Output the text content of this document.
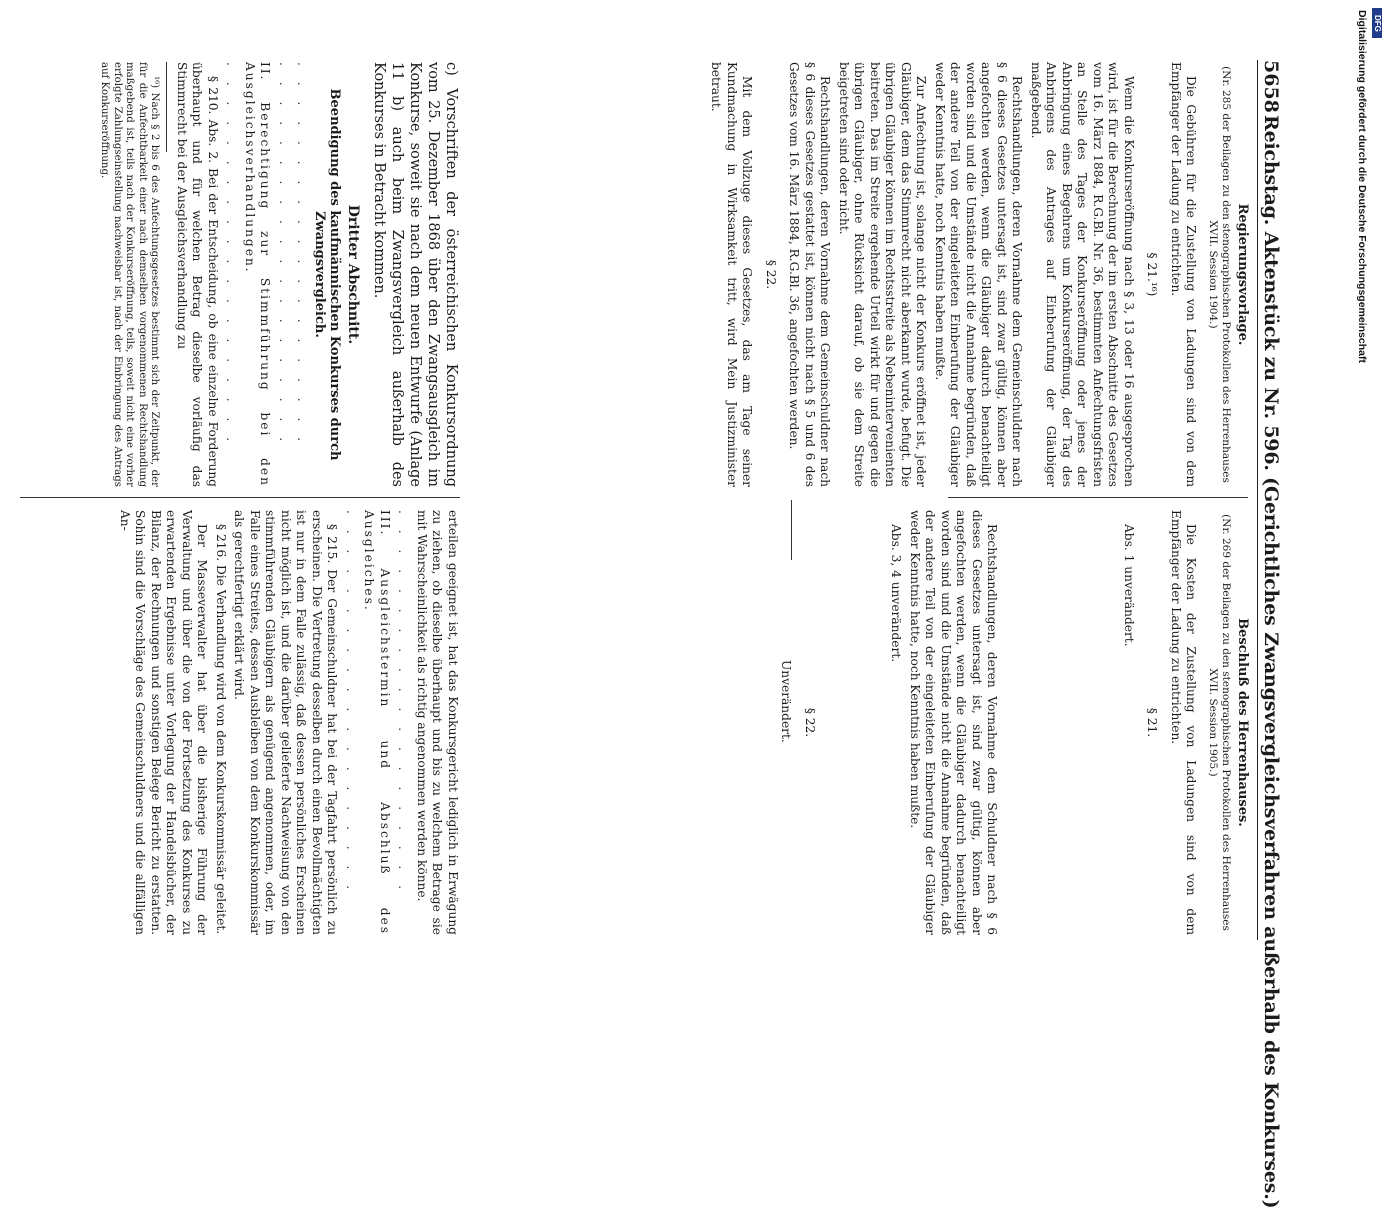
5658
Reichstag. Aktenstück zu Nr. 596. (Gerichtliches Zwangsvergleichsverfahren außerhalb des Konkurses.)
Regierungsvorlage.
(Nr. 285 der Beilagen zu den stenographischen Protokollen des Herrenhauses XVII. Session 1904.)

Die Gebühren für die Zustellung von Ladungen sind von dem Empfänger der Ladung zu entrichten.

§ 21.¹⁶)

Wenn die Konkurseröffnung nach § 3, 13 oder 16 ausgesprochen wird, ist für die Berechnung der im ersten Abschnitte des Gesetzes vom 16. März 1884, R.G.Bl. Nr. 36, bestimmten Anfechtungsfristen an Stelle des Tages der Konkurseröffnung oder jenes der Anbringung eines Begehrens um Konkurseröffnung, der Tag des Anbringens des Antrages auf Einberufung der Gläubiger maßgebend.

Rechtshandlungen, deren Vornahme dem Gemeinschuldner nach § 6 dieses Gesetzes untersagt ist, sind zwar gültig, können aber angefochten werden, wenn die Gläubiger dadurch benachteiligt worden sind und die Umstände nicht die Annahme begründen, daß der andere Teil von der eingeleiteten Einberufung der Gläubiger weder Kenntnis hatte, noch Kenntnis haben mußte.

Zur Anfechtung ist, solange nicht der Konkurs eröffnet ist, jeder Gläubiger, dem das Stimmrecht nicht aberkannt wurde, befugt. Die übrigen Gläubiger können im Rechtsstreite als Nebenintervenienten beitreten. Das im Streite ergehende Urteil wirkt für und gegen die übrigen Gläubiger, ohne Rücksicht darauf, ob sie dem Streite beigetreten sind oder nicht.

Rechtshandlungen, deren Vornahme dem Gemeinschuldner nach § 6 dieses Gesetzes gestattet ist, können nicht nach § 5 und 6 des Gesetzes vom 16. März 1884, R.G.Bl. 36, angefochten werden.

§ 22.

Mit dem Vollzuge dieses Gesetzes, das am Tage seiner Kundmachung in Wirksamkeit tritt, wird Mein Justizminister betraut.

Beschluß des Herrenhauses.
(Nr. 269 der Beilagen zu den stenographischen Protokollen des Herrenhauses XVII. Session 1905.)

Die Kosten der Zustellung von Ladungen sind von dem Empfänger der Ladung zu entrichten.

§ 21.

Abs. 1 unverändert.

Rechtshandlungen, deren Vornahme dem Schuldner nach § 6 dieses Gesetzes untersagt ist, sind zwar gültig, können aber angefochten werden, wenn die Gläubiger dadurch benachteiligt worden sind und die Umstände nicht die Annahme begründen, daß der andere Teil von der eingeleiteten Einberufung der Gläubiger weder Kenntnis hatte, noch Kenntnis haben mußte.

Abs. 3, 4 unverändert.

§ 22.

Unverändert.

c) Vorschriften der österreichischen Konkursordnung vom 25. Dezember 1868 über den Zwangsausgleich im Konkurse, soweit sie nach dem neuen Entwurfe (Anlage 11 b) auch beim Zwangsvergleich außerhalb des Konkurses in Betracht kommen.

Dritter Abschnitt.
Beendigung des kaufmännischen Konkurses durch Zwangsvergleich.

. . . . . . . . . . . . . . . . . . . .

. . . . . . . . . . . . . . . . . . . .

II. Berechtigung zur Stimmführung bei den Ausgleichsverhandlungen.

. . . . . . . . . . . . . . . . . . . .

§ 210. Abs. 2. Bei der Entscheidung, ob eine einzelne Forderung überhaupt und für welchen Betrag dieselbe vorläufig das Stimmrecht bei der Ausgleichsverhandlung zu

¹⁶) Nach § 2 bis 6 des Anfechtungsgesetzes bestimmt sich der Zeitpunkt, der für die Anfechtbarkeit einer nach demselben vorgenommenen Rechtshandlung maßgebend ist, teils nach der Konkurseröffnung, teils, soweit nicht eine vorher erfolgte Zahlungseinstellung nachweisbar ist, nach der Einbringung des Antrags auf Konkurseröffnung.

erteilen geeignet ist, hat das Konkursgericht lediglich in Erwägung zu ziehen, ob dieselbe überhaupt und bis zu welchem Betrage sie mit Wahrscheinlichkeit als richtig angenommen werden könne.

. . . . . . . . . . . . . . . . . . . .

III. Ausgleichstermin und Abschluß des Ausgleiches.

. . . . . . . . . . . . . . . . . . . .

§ 215. Der Gemeinschuldner hat bei der Tagfahrt persönlich zu erscheinen. Die Vertretung desselben durch einen Bevollmächtigten ist nur in dem Falle zulässig, daß dessen persönliches Erscheinen nicht möglich ist, und die darüber gelieferte Nachweisung von den stimmführenden Gläubigern als genügend angenommen, oder, im Falle eines Streites, dessen Ausbleiben von dem Konkurskommissär als gerechtfertigt erklärt wird.

§ 216. Die Verhandlung wird von dem Konkurskommissär geleitet.

Der Masseverwalter hat über die bisherige Führung der Verwaltung und über die von der Fortsetzung des Konkurses zu erwartenden Ergebnisse unter Vorlegung der Handelsbücher, der Bilanz, der Rechnungen und sonstigen Belege Bericht zu erstatten. Sohin sind die Vorschläge des Gemeinschuldners und die allfälligen An-

Digitalisierung gefördert durch die Deutsche Forschungsgemeinschaft DFG
